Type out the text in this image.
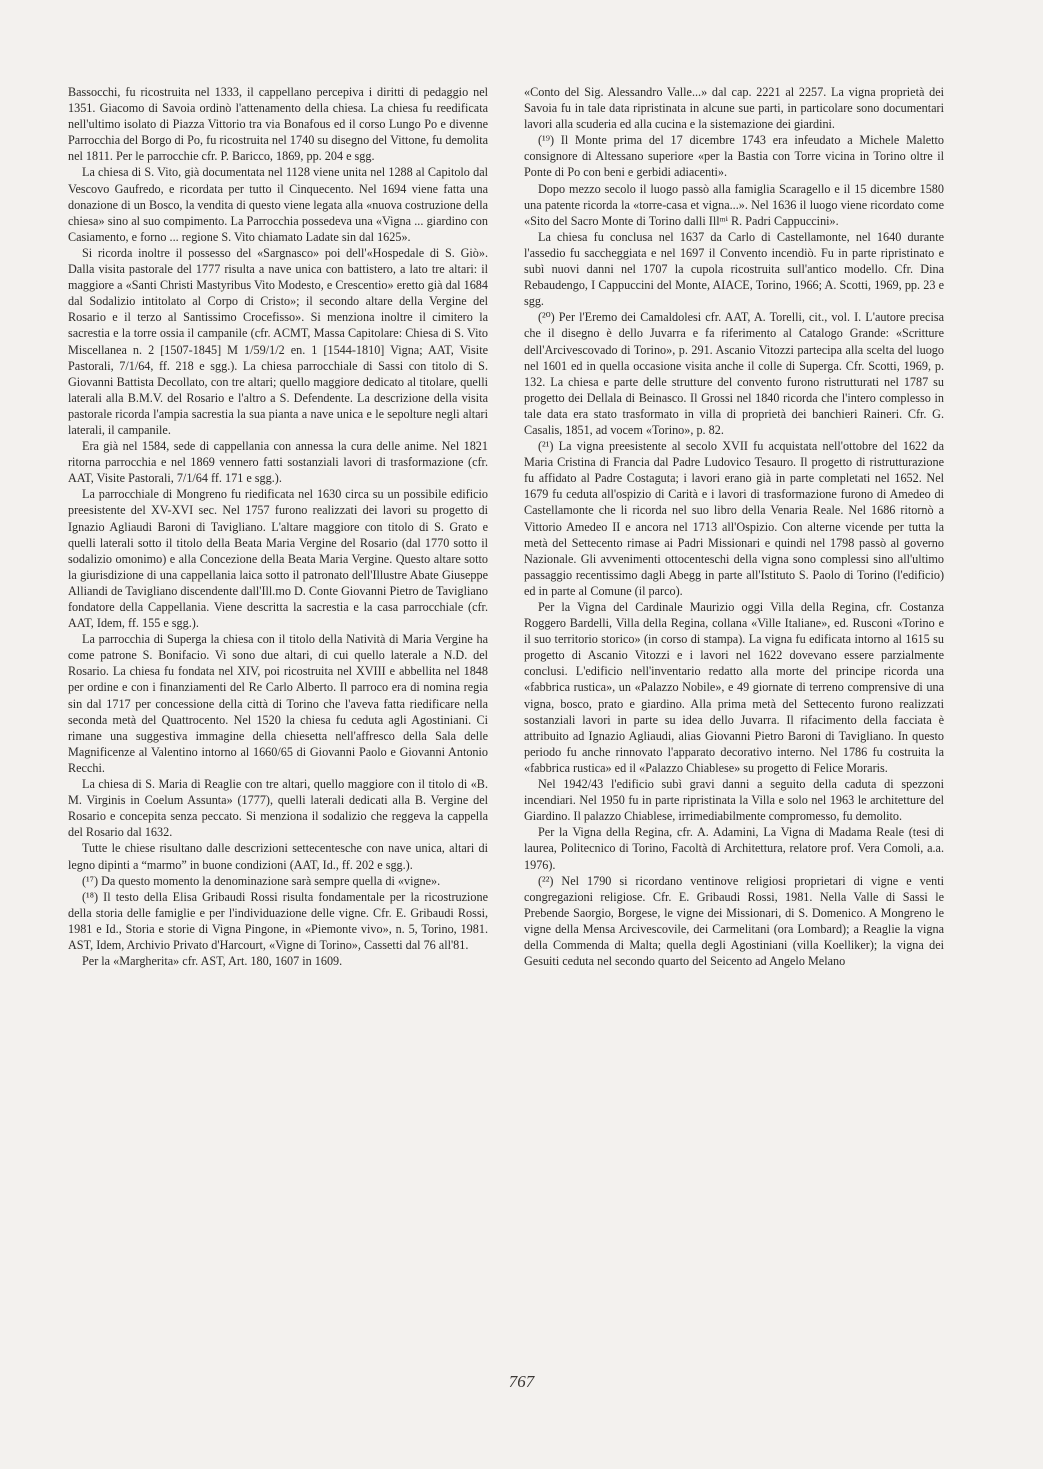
Bassocchi, fu ricostruita nel 1333, il cappellano percepiva i diritti di pedaggio nel 1351. Giacomo di Savoia ordinò l'attenamento della chiesa. La chiesa fu reedificata nell'ultimo isolato di Piazza Vittorio tra via Bonafous ed il corso Lungo Po e divenne Parrocchia del Borgo di Po, fu ricostruita nel 1740 su disegno del Vittone, fu demolita nel 1811. Per le parrocchie cfr. P. Baricco, 1869, pp. 204 e sgg.

La chiesa di S. Vito, già documentata nel 1128 viene unita nel 1288 al Capitolo dal Vescovo Gaufredo, e ricordata per tutto il Cinquecento. Nel 1694 viene fatta una donazione di un Bosco, la vendita di questo viene legata alla «nuova costruzione della chiesa» sino al suo compimento. La Parrocchia possedeva una «Vigna ... giardino con Casiamento, e forno ... regione S. Vito chiamato Ladate sin dal 1625».

Si ricorda inoltre il possesso del «Sargnasco» poi dell'«Hospedale di S. Giò». Dalla visita pastorale del 1777 risulta a nave unica con battistero, a lato tre altari: il maggiore a «Santi Christi Mastyribus Vito Modesto, e Crescentio» eretto già dal 1684 dal Sodalizio intitolato al Corpo di Cristo»; il secondo altare della Vergine del Rosario e il terzo al Santissimo Crocefisso». Si menziona inoltre il cimitero la sacrestia e la torre ossia il campanile (cfr. ACMT, Massa Capitolare: Chiesa di S. Vito Miscellanea n. 2 [1507-1845] M 1/59/1/2 en. 1 [1544-1810] Vigna; AAT, Visite Pastorali, 7/1/64, ff. 218 e sgg.). La chiesa parrocchiale di Sassi con titolo di S. Giovanni Battista Decollato, con tre altari; quello maggiore dedicato al titolare, quelli laterali alla B.M.V. del Rosario e l'altro a S. Defendente. La descrizione della visita pastorale ricorda l'ampia sacrestia la sua pianta a nave unica e le sepolture negli altari laterali, il campanile.

Era già nel 1584, sede di cappellania con annessa la cura delle anime. Nel 1821 ritorna parrocchia e nel 1869 vennero fatti sostanziali lavori di trasformazione (cfr. AAT, Visite Pastorali, 7/1/64 ff. 171 e sgg.).

La parrocchiale di Mongreno fu riedificata nel 1630 circa su un possibile edificio preesistente del XV-XVI sec. Nel 1757 furono realizzati dei lavori su progetto di Ignazio Agliaudi Baroni di Tavigliano. L'altare maggiore con titolo di S. Grato e quelli laterali sotto il titolo della Beata Maria Vergine del Rosario (dal 1770 sotto il sodalizio omonimo) e alla Concezione della Beata Maria Vergine. Questo altare sotto la giurisdizione di una cappellania laica sotto il patronato dell'Illustre Abate Giuseppe Alliandi de Tavigliano discendente dall'Ill.mo D. Conte Giovanni Pietro de Tavigliano fondatore della Cappellania. Viene descritta la sacrestia e la casa parrocchiale (cfr. AAT, Idem, ff. 155 e sgg.).

La parrocchia di Superga la chiesa con il titolo della Natività di Maria Vergine ha come patrone S. Bonifacio. Vi sono due altari, di cui quello laterale a N.D. del Rosario. La chiesa fu fondata nel XIV, poi ricostruita nel XVIII e abbellita nel 1848 per ordine e con i finanziamenti del Re Carlo Alberto. Il parroco era di nomina regia sin dal 1717 per concessione della città di Torino che l'aveva fatta riedificare nella seconda metà del Quattrocento. Nel 1520 la chiesa fu ceduta agli Agostiniani. Ci rimane una suggestiva immagine della chiesetta nell'affresco della Sala delle Magnificenze al Valentino intorno al 1660/65 di Giovanni Paolo e Giovanni Antonio Recchi.

La chiesa di S. Maria di Reaglie con tre altari, quello maggiore con il titolo di «B. M. Virginis in Coelum Assunta» (1777), quelli laterali dedicati alla B. Vergine del Rosario e concepita senza peccato. Si menziona il sodalizio che reggeva la cappella del Rosario dal 1632.

Tutte le chiese risultano dalle descrizioni settecentesche con nave unica, altari di legno dipinti a “marmo” in buone condizioni (AAT, Id., ff. 202 e sgg.).

(¹⁷) Da questo momento la denominazione sarà sempre quella di «vigne».

(¹⁸) Il testo della Elisa Gribaudi Rossi risulta fondamentale per la ricostruzione della storia delle famiglie e per l'individuazione delle vigne. Cfr. E. Gribaudi Rossi, 1981 e Id., Storia e storie di Vigna Pingone, in «Piemonte vivo», n. 5, Torino, 1981. AST, Idem, Archivio Privato d'Harcourt, «Vigne di Torino», Cassetti dal 76 all'81.

Per la «Margherita» cfr. AST, Art. 180, 1607 in 1609.

«Conto del Sig. Alessandro Valle...» dal cap. 2221 al 2257. La vigna proprietà dei Savoia fu in tale data ripristinata in alcune sue parti, in particolare sono documentari lavori alla scuderia ed alla cucina e la sistemazione dei giardini.

(¹⁹) Il Monte prima del 17 dicembre 1743 era infeudato a Michele Maletto consignore di Altessano superiore «per la Bastia con Torre vicina in Torino oltre il Ponte di Po con beni e gerbidi adiacenti».

Dopo mezzo secolo il luogo passò alla famiglia Scaragello e il 15 dicembre 1580 una patente ricorda la «torre-casa et vigna...». Nel 1636 il luogo viene ricordato come «Sito del Sacro Monte di Torino dalli Illᵐⁱ R. Padri Cappuccini».

La chiesa fu conclusa nel 1637 da Carlo di Castellamonte, nel 1640 durante l'assedio fu saccheggiata e nel 1697 il Convento incendiò. Fu in parte ripristinato e subì nuovi danni nel 1707 la cupola ricostruita sull'antico modello. Cfr. Dina Rebaudengo, I Cappuccini del Monte, AIACE, Torino, 1966; A. Scotti, 1969, pp. 23 e sgg.

(²⁰) Per l'Eremo dei Camaldolesi cfr. AAT, A. Torelli, cit., vol. I. L'autore precisa che il disegno è dello Juvarra e fa riferimento al Catalogo Grande: «Scritture dell'Arcivescovado di Torino», p. 291. Ascanio Vitozzi partecipa alla scelta del luogo nel 1601 ed in quella occasione visita anche il colle di Superga. Cfr. Scotti, 1969, p. 132. La chiesa e parte delle strutture del convento furono ristrutturati nel 1787 su progetto dei Dellala di Beinasco. Il Grossi nel 1840 ricorda che l'intero complesso in tale data era stato trasformato in villa di proprietà dei banchieri Raineri. Cfr. G. Casalis, 1851, ad vocem «Torino», p. 82.

(²¹) La vigna preesistente al secolo XVII fu acquistata nell'ottobre del 1622 da Maria Cristina di Francia dal Padre Ludovico Tesauro. Il progetto di ristrutturazione fu affidato al Padre Costaguta; i lavori erano già in parte completati nel 1652. Nel 1679 fu ceduta all'ospizio di Carità e i lavori di trasformazione furono di Amedeo di Castellamonte che li ricorda nel suo libro della Venaria Reale. Nel 1686 ritornò a Vittorio Amedeo II e ancora nel 1713 all'Ospizio. Con alterne vicende per tutta la metà del Settecento rimase ai Padri Missionari e quindi nel 1798 passò al governo Nazionale. Gli avvenimenti ottocenteschi della vigna sono complessi sino all'ultimo passaggio recentissimo dagli Abegg in parte all'Istituto S. Paolo di Torino (l'edificio) ed in parte al Comune (il parco).

Per la Vigna del Cardinale Maurizio oggi Villa della Regina, cfr. Costanza Roggero Bardelli, Villa della Regina, collana «Ville Italiane», ed. Rusconi «Torino e il suo territorio storico» (in corso di stampa). La vigna fu edificata intorno al 1615 su progetto di Ascanio Vitozzi e i lavori nel 1622 dovevano essere parzialmente conclusi. L'edificio nell'inventario redatto alla morte del principe ricorda una «fabbrica rustica», un «Palazzo Nobile», e 49 giornate di terreno comprensive di una vigna, bosco, prato e giardino. Alla prima metà del Settecento furono realizzati sostanziali lavori in parte su idea dello Juvarra. Il rifacimento della facciata è attribuito ad Ignazio Agliaudi, alias Giovanni Pietro Baroni di Tavigliano. In questo periodo fu anche rinnovato l'apparato decorativo interno. Nel 1786 fu costruita la «fabbrica rustica» ed il «Palazzo Chiablese» su progetto di Felice Moraris.

Nel 1942/43 l'edificio subì gravi danni a seguito della caduta di spezzoni incendiari. Nel 1950 fu in parte ripristinata la Villa e solo nel 1963 le architetture del Giardino. Il palazzo Chiablese, irrimediabilmente compromesso, fu demolito.

Per la Vigna della Regina, cfr. A. Adamini, La Vigna di Madama Reale (tesi di laurea, Politecnico di Torino, Facoltà di Architettura, relatore prof. Vera Comoli, a.a. 1976).

(²²) Nel 1790 si ricordano ventinove religiosi proprietari di vigne e venti congregazioni religiose. Cfr. E. Gribaudi Rossi, 1981. Nella Valle di Sassi le Prebende Saorgio, Borgese, le vigne dei Missionari, di S. Domenico. A Mongreno le vigne della Mensa Arcivescovile, dei Carmelitani (ora Lombard); a Reaglie la vigna della Commenda di Malta; quella degli Agostiniani (villa Koelliker); la vigna dei Gesuiti ceduta nel secondo quarto del Seicento ad Angelo Melano

767
